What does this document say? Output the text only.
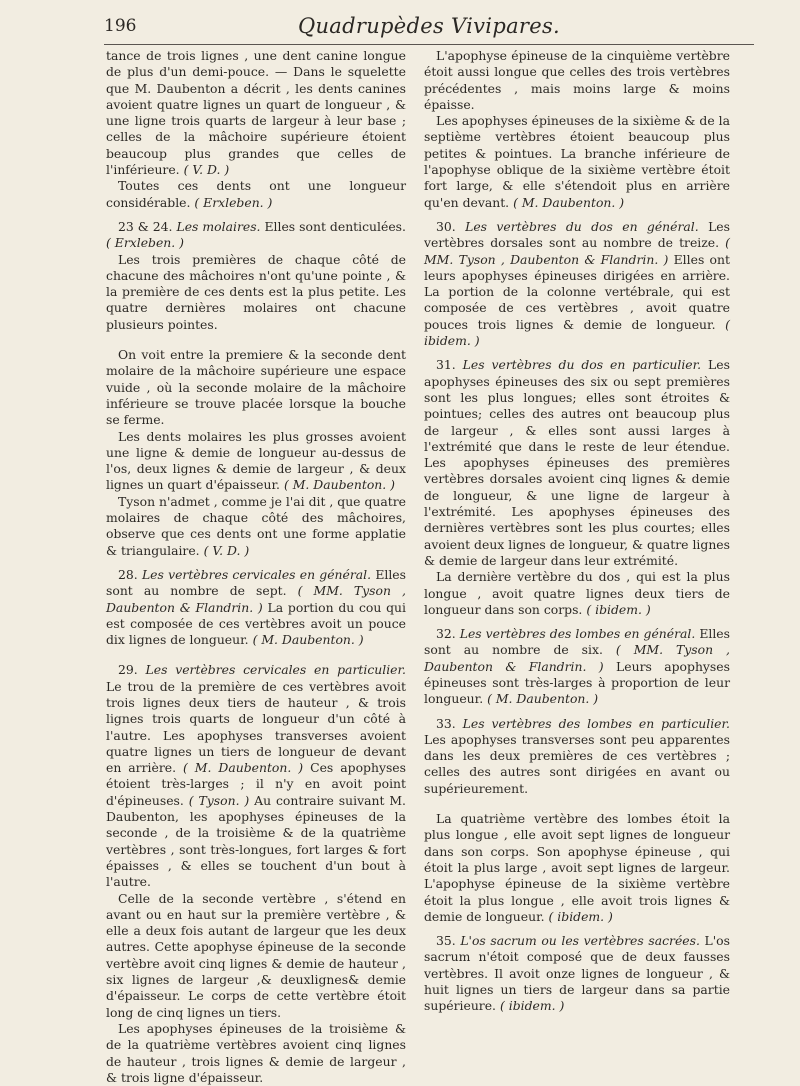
196	Quadrupèdes Vivipares.

tance de trois lignes , une dent canine longue de plus d'un demi-pouce. — Dans le squelette que M. Daubenton a décrit , les dents canines avoient quatre lignes un quart de longueur , & une ligne trois quarts de largeur à leur base ; celles de la mâchoire supérieure étoient beaucoup plus grandes que celles de l'inférieure. ( V. D. )

Toutes ces dents ont une longueur considérable. ( Erxleben. )

23 & 24. Les molaires. Elles sont denticulées. ( Erxleben. )

Les trois premières de chaque côté de chacune des mâchoires n'ont qu'une pointe , & la première de ces dents est la plus petite. Les quatre dernières molaires ont chacune plusieurs pointes.

On voit entre la premiere & la seconde dent molaire de la mâchoire supérieure une espace vuide , où la seconde molaire de la mâchoire inférieure se trouve placée lorsque la bouche se ferme.

Les dents molaires les plus grosses avoient une ligne & demie de longueur au-dessus de l'os, deux lignes & demie de largeur , & deux lignes un quart d'épaisseur. ( M. Daubenton. )

Tyson n'admet , comme je l'ai dit , que quatre molaires de chaque côté des mâchoires, observe que ces dents ont une forme applatie & triangulaire. ( V. D. )

28. Les vertèbres cervicales en général. Elles sont au nombre de sept. ( MM. Tyson , Daubenton & Flandrin. ) La portion du cou qui est composée de ces vertèbres avoit un pouce dix lignes de longueur. ( M. Daubenton. )

29. Les vertèbres cervicales en particulier. Le trou de la première de ces vertèbres avoit trois lignes deux tiers de hauteur , & trois lignes trois quarts de longueur d'un côté à l'autre. Les apophyses transverses avoient quatre lignes un tiers de longueur de devant en arrière. ( M. Daubenton. ) Ces apophyses étoient très-larges ; il n'y en avoit point d'épineuses. ( Tyson. ) Au contraire suivant M. Daubenton, les apophyses épineuses de la seconde , de la troisième & de la quatrième vertèbres , sont très-longues, fort larges & fort épaisses , & elles se touchent d'un bout à l'autre.

Celle de la seconde vertèbre , s'étend en avant ou en haut sur la première vertèbre , & elle a deux fois autant de largeur que les deux autres. Cette apophyse épineuse de la seconde vertèbre avoit cinq lignes & demie de hauteur , six lignes de largeur ,& deuxlignes& demie d'épaisseur. Le corps de cette vertèbre étoit long de cinq lignes un tiers.

Les apophyses épineuses de la troisième & de la quatrième vertèbres avoient cinq lignes de hauteur , trois lignes & demie de largeur , & trois ligne d'épaisseur.

L'apophyse épineuse de la cinquième vertèbre étoit aussi longue que celles des trois vertèbres précédentes , mais moins large & moins épaisse.

Les apophyses épineuses de la sixième & de la septième vertèbres étoient beaucoup plus petites & pointues. La branche inférieure de l'apophyse oblique de la sixième vertèbre étoit fort large, & elle s'étendoit plus en arrière qu'en devant. ( M. Daubenton. )

30. Les vertèbres du dos en général. Les vertèbres dorsales sont au nombre de treize. ( MM. Tyson , Daubenton & Flandrin. ) Elles ont leurs apophyses épineuses dirigées en arrière. La portion de la colonne vertébrale, qui est composée de ces vertèbres , avoit quatre pouces trois lignes & demie de longueur. ( ibidem. )

31. Les vertèbres du dos en particulier. Les apophyses épineuses des six ou sept premières sont les plus longues; elles sont étroites & pointues; celles des autres ont beaucoup plus de largeur , & elles sont aussi larges à l'extrémité que dans le reste de leur étendue. Les apophyses épineuses des premières vertèbres dorsales avoient cinq lignes & demie de longueur, & une ligne de largeur à l'extrémité. Les apophyses épineuses des dernières vertèbres sont les plus courtes; elles avoient deux lignes de longueur, & quatre lignes & demie de largeur dans leur extrémité.

La dernière vertèbre du dos , qui est la plus longue , avoit quatre lignes deux tiers de longueur dans son corps. ( ibidem. )

32. Les vertèbres des lombes en général. Elles sont au nombre de six. ( MM. Tyson , Daubenton & Flandrin. ) Leurs apophyses épineuses sont très-larges à proportion de leur longueur. ( M. Daubenton. )

33. Les vertèbres des lombes en particulier. Les apophyses transverses sont peu apparentes dans les deux premières de ces vertèbres ; celles des autres sont dirigées en avant ou supérieurement.

La quatrième vertèbre des lombes étoit la plus longue , elle avoit sept lignes de longueur dans son corps. Son apophyse épineuse , qui étoit la plus large , avoit sept lignes de largeur. L'apophyse épineuse de la sixième vertèbre étoit la plus longue , elle avoit trois lignes & demie de longueur. ( ibidem. )

35. L'os sacrum ou les vertèbres sacrées. L'os sacrum n'étoit composé que de deux fausses vertèbres. Il avoit onze lignes de longueur , & huit lignes un tiers de largeur dans sa partie supérieure. ( ibidem. )
